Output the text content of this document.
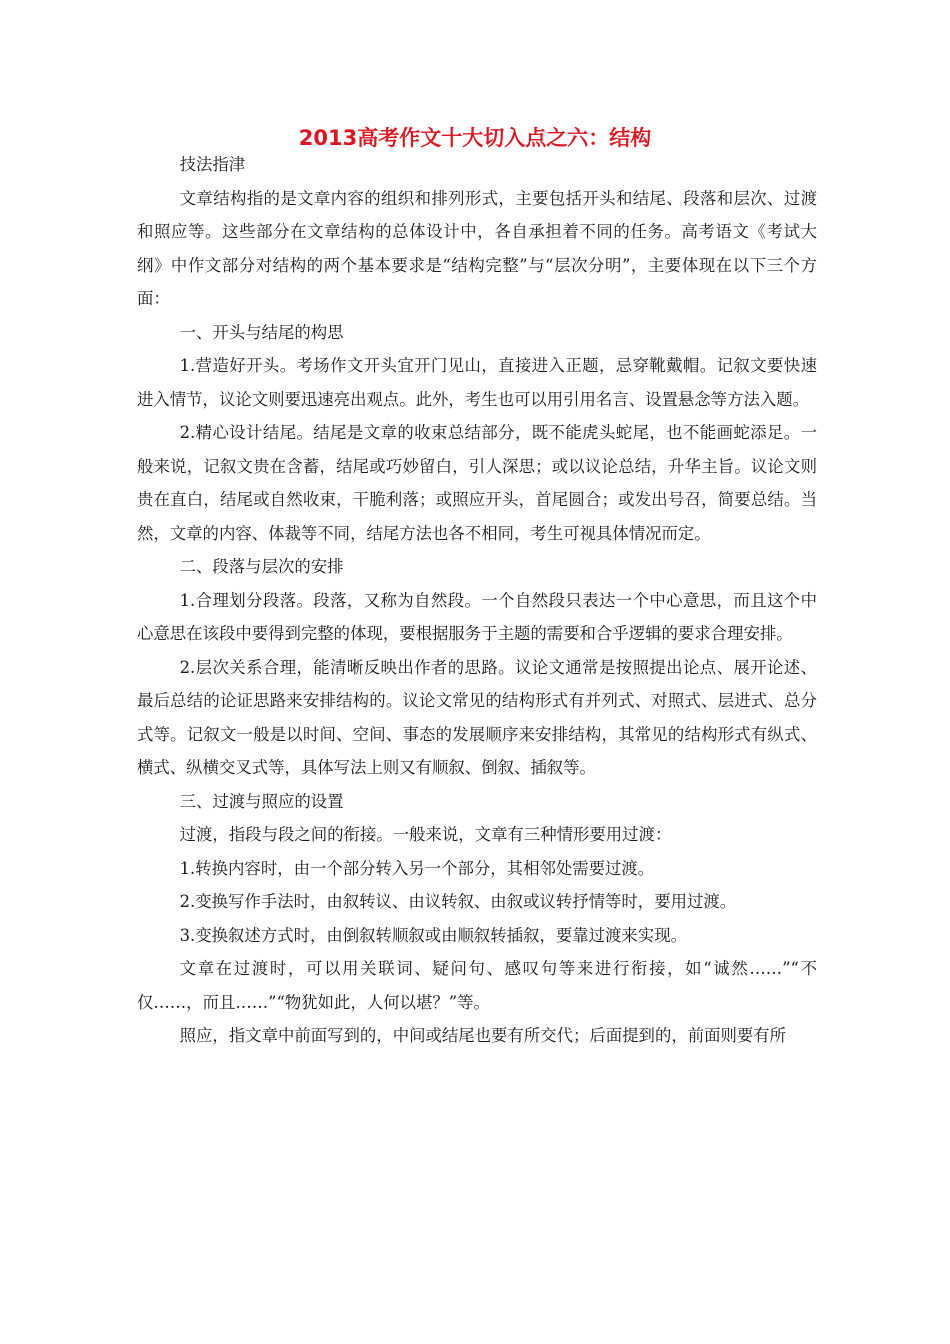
2013高考作文十大切入点之六：结构

技法指津

文章结构指的是文章内容的组织和排列形式，主要包括开头和结尾、段落和层次、过渡和照应等。这些部分在文章结构的总体设计中，各自承担着不同的任务。高考语文《考试大纲》中作文部分对结构的两个基本要求是“结构完整”与“层次分明”，主要体现在以下三个方面：

一、开头与结尾的构思

1.营造好开头。考场作文开头宜开门见山，直接进入正题，忌穿靴戴帽。记叙文要快速进入情节，议论文则要迅速亮出观点。此外，考生也可以用引用名言、设置悬念等方法入题。

2.精心设计结尾。结尾是文章的收束总结部分，既不能虎头蛇尾，也不能画蛇添足。一般来说，记叙文贵在含蓄，结尾或巧妙留白，引人深思；或以议论总结，升华主旨。议论文则贵在直白，结尾或自然收束，干脆利落；或照应开头，首尾圆合；或发出号召，简要总结。当然，文章的内容、体裁等不同，结尾方法也各不相同，考生可视具体情况而定。

二、段落与层次的安排

1.合理划分段落。段落，又称为自然段。一个自然段只表达一个中心意思，而且这个中心意思在该段中要得到完整的体现，要根据服务于主题的需要和合乎逻辑的要求合理安排。

2.层次关系合理，能清晰反映出作者的思路。议论文通常是按照提出论点、展开论述、最后总结的论证思路来安排结构的。议论文常见的结构形式有并列式、对照式、层进式、总分式等。记叙文一般是以时间、空间、事态的发展顺序来安排结构，其常见的结构形式有纵式、横式、纵横交叉式等，具体写法上则又有顺叙、倒叙、插叙等。

三、过渡与照应的设置

过渡，指段与段之间的衔接。一般来说，文章有三种情形要用过渡：

1.转换内容时，由一个部分转入另一个部分，其相邻处需要过渡。

2.变换写作手法时，由叙转议、由议转叙、由叙或议转抒情等时，要用过渡。

3.变换叙述方式时，由倒叙转顺叙或由顺叙转插叙，要靠过渡来实现。

文章在过渡时，可以用关联词、疑问句、感叹句等来进行衔接，如“诚然……”“不仅……，而且……”“物犹如此，人何以堪？”等。

照应，指文章中前面写到的，中间或结尾也要有所交代；后面提到的，前面则要有所
